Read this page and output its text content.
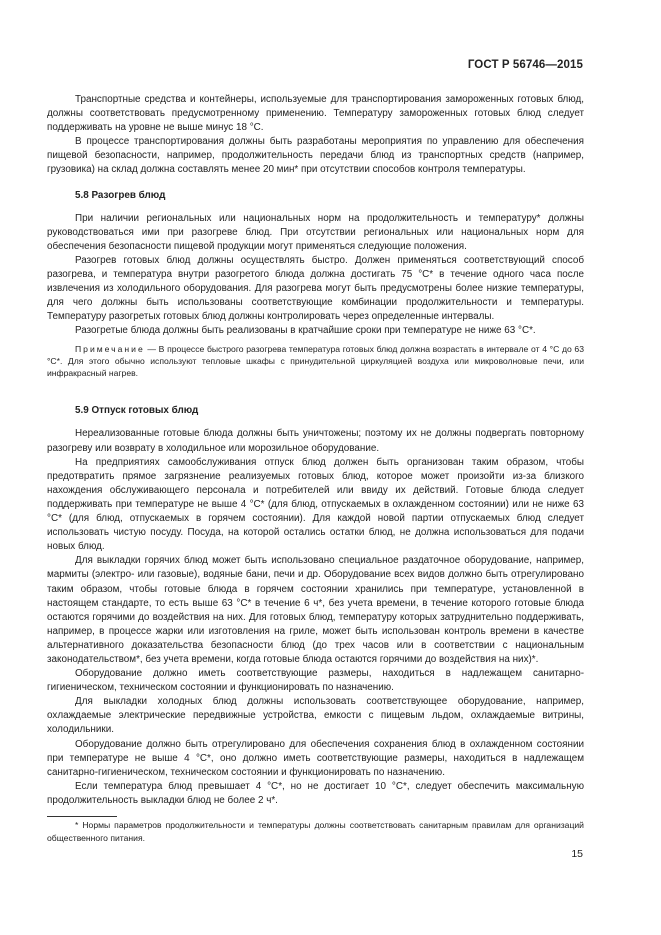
ГОСТ Р 56746—2015

Транспортные средства и контейнеры, используемые для транспортирования замороженных готовых блюд, должны соответствовать предусмотренному применению. Температуру замороженных готовых блюд следует поддерживать на уровне не выше минус 18 °C.

В процессе транспортирования должны быть разработаны мероприятия по управлению для обеспечения пищевой безопасности, например, продолжительность передачи блюд из транспортных средств (например, грузовика) на склад должна составлять менее 20 мин* при отсутствии способов контроля температуры.

5.8 Разогрев блюд

При наличии региональных или национальных норм на продолжительность и температуру* должны руководствоваться ими при разогреве блюд. При отсутствии региональных или национальных норм для обеспечения безопасности пищевой продукции могут применяться следующие положения.

Разогрев готовых блюд должны осуществлять быстро. Должен применяться соответствующий способ разогрева, и температура внутри разогретого блюда должна достигать 75 °C* в течение одного часа после извлечения из холодильного оборудования. Для разогрева могут быть предусмотрены более низкие температуры, для чего должны быть использованы соответствующие комбинации продолжительности и температуры. Температуру разогретых готовых блюд должны контролировать через определенные интервалы.

Разогретые блюда должны быть реализованы в кратчайшие сроки при температуре не ниже 63 °C*.

Примечание — В процессе быстрого разогрева температура готовых блюд должна возрастать в интервале от 4 °C до 63 °C*. Для этого обычно используют тепловые шкафы с принудительной циркуляцией воздуха или микроволновые печи, или инфракрасный нагрев.

5.9 Отпуск готовых блюд

Нереализованные готовые блюда должны быть уничтожены; поэтому их не должны подвергать повторному разогреву или возврату в холодильное или морозильное оборудование.

На предприятиях самообслуживания отпуск блюд должен быть организован таким образом, чтобы предотвратить прямое загрязнение реализуемых готовых блюд, которое может произойти из-за близкого нахождения обслуживающего персонала и потребителей или ввиду их действий. Готовые блюда следует поддерживать при температуре не выше 4 °C* (для блюд, отпускаемых в охлажденном состоянии) или не ниже 63 °C* (для блюд, отпускаемых в горячем состоянии). Для каждой новой партии отпускаемых блюд следует использовать чистую посуду. Посуда, на которой остались остатки блюд, не должна использоваться для подачи новых блюд.

Для выкладки горячих блюд может быть использовано специальное раздаточное оборудование, например, мармиты (электро- или газовые), водяные бани, печи и др. Оборудование всех видов должно быть отрегулировано таким образом, чтобы готовые блюда в горячем состоянии хранились при температуре, установленной в настоящем стандарте, то есть выше 63 °C* в течение 6 ч*, без учета времени, в течение которого готовые блюда остаются горячими до воздействия на них. Для готовых блюд, температуру которых затруднительно поддерживать, например, в процессе жарки или изготовления на гриле, может быть использован контроль времени в качестве альтернативного доказательства безопасности блюд (до трех часов или в соответствии с национальным законодательством*, без учета времени, когда готовые блюда остаются горячими до воздействия на них)*.

Оборудование должно иметь соответствующие размеры, находиться в надлежащем санитарно-гигиеническом, техническом состоянии и функционировать по назначению.

Для выкладки холодных блюд должны использовать соответствующее оборудование, например, охлаждаемые электрические передвижные устройства, емкости с пищевым льдом, охлаждаемые витрины, холодильники.

Оборудование должно быть отрегулировано для обеспечения сохранения блюд в охлажденном состоянии при температуре не выше 4 °C*, оно должно иметь соответствующие размеры, находиться в надлежащем санитарно-гигиеническом, техническом состоянии и функционировать по назначению.

Если температура блюд превышает 4 °C*, но не достигает 10 °C*, следует обеспечить максимальную продолжительность выкладки блюд не более 2 ч*.

* Нормы параметров продолжительности и температуры должны соответствовать санитарным правилам для организаций общественного питания.
15
